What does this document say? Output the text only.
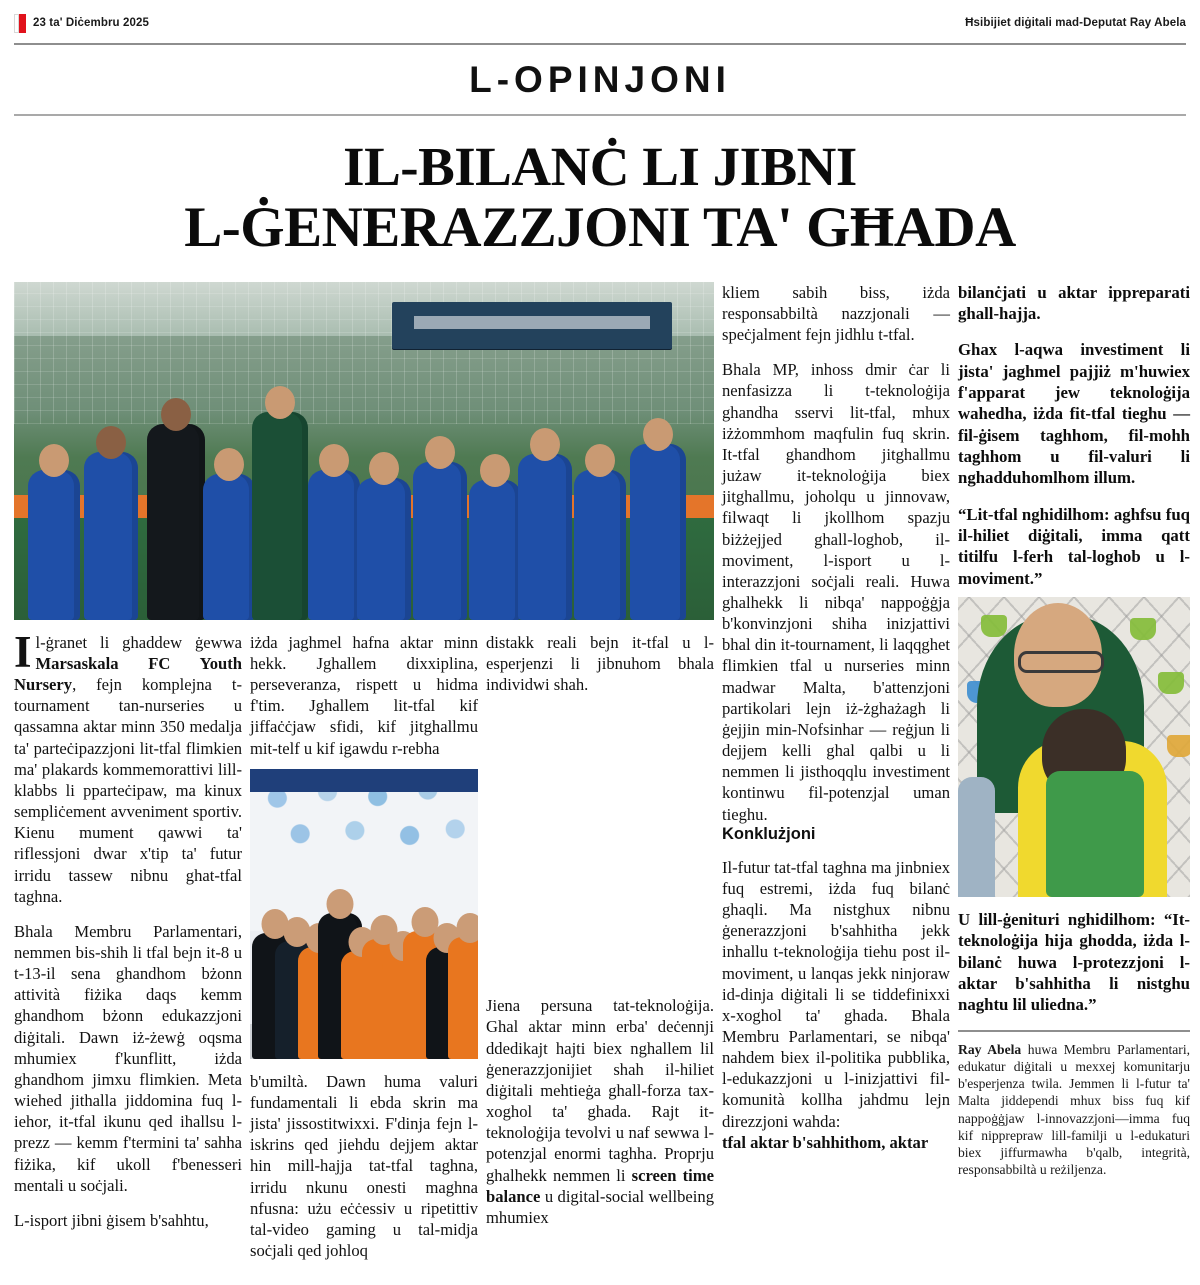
23 ta' Diċembru 2025	Ħsibijiet diġitali mad-Deputat Ray Abela
L-OPINJONI
IL-BILANĊ LI JIBNI
L-ĠENERAZZJONI TA' GĦADA

Il-ġranet li ghaddew ġewwa Marsaskala FC Youth Nursery, fejn komplejna t-tournament tan-nurseries u qassamna aktar minn 350 medalja ta' parteċipazzjoni lit-tfal flimkien ma' plakards kommemorattivi lill-klabbs li pparteċipaw, ma kinux sempliċement avveniment sportiv. Kienu mument qawwi ta' riflessjoni dwar x'tip ta' futur irridu tassew nibnu ghat-tfal taghna.

Bhala Membru Parlamentari, nemmen bis-shih li tfal bejn it-8 u t-13-il sena ghandhom bżonn attività fiżika daqs kemm ghandhom bżonn edukazzjoni diġitali. Dawn iż-żewġ oqsma mhumiex f'kunflitt, iżda ghandhom jimxu flimkien. Meta wiehed jithalla jiddomina fuq l-iehor, it-tfal ikunu qed ihallsu l-prezz — kemm f'termini ta' sahha fiżika, kif ukoll f'benesseri mentali u soċjali.

L-isport jibni ġisem b'sahhtu,

iżda jaghmel hafna aktar minn hekk. Jghallem dixxiplina, perseveranza, rispett u hidma f'tim. Jghallem lit-tfal kif jiffaċċjaw sfidi, kif jitghallmu mit-telf u kif igawdu r-rebha

b'umiltà. Dawn huma valuri fundamentali li ebda skrin ma jista' jissostitwixxi. F'dinja fejn l-iskrins qed jiehdu dejjem aktar hin mill-hajja tat-tfal taghna, irridu nkunu onesti maghna nfusna: użu eċċessiv u ripetittiv tal-video gaming u tal-midja soċjali qed johloq

distakk reali bejn it-tfal u l-esperjenzi li jibnuhom bhala individwi shah.

Jiena persuna tat-teknoloġija. Ghal aktar minn erba' deċennji ddedikajt hajti biex nghallem lil ġenerazzjonijiet shah il-hiliet diġitali mehtieġa ghall-forza tax-xoghol ta' ghada. Rajt it-teknoloġija tevolvi u naf sewwa l-potenzjal enormi taghha. Proprju ghalhekk nemmen li screen time balance u digital-social wellbeing mhumiex

kliem sabih biss, iżda responsabbiltà nazzjonali — speċjalment fejn jidhlu t-tfal.

Bhala MP, inhoss dmir ċar li nenfasizza li t-teknoloġija ghandha sservi lit-tfal, mhux iżżommhom maqfulin fuq skrin. It-tfal ghandhom jitghallmu jużaw it-teknoloġija biex jitghallmu, joholqu u jinnovaw, filwaqt li jkollhom spazju biżżejjed ghall-loghob, il-moviment, l-isport u l-interazzjoni soċjali reali. Huwa ghalhekk li nibqa' nappoġġja b'konvinzjoni shiha inizjattivi bhal din it-tournament, li laqqghet flimkien tfal u nurseries minn madwar Malta, b'attenzjoni partikolari lejn iż-żghażagh li ġejjin min-Nofsinhar — reġjun li dejjem kelli ghal qalbi u li nemmen li jisthoqqlu investiment kontinwu fil-potenzjal uman tieghu.

Konklużjoni

Il-futur tat-tfal taghna ma jinbniex fuq estremi, iżda fuq bilanċ ghaqli. Ma nistghux nibnu ġenerazzjoni b'sahhitha jekk inhallu t-teknoloġija tiehu post il-moviment, u lanqas jekk ninjoraw id-dinja diġitali li se tiddefinixxi x-xoghol ta' ghada. Bhala Membru Parlamentari, se nibqa' nahdem biex il-politika pubblika, l-edukazzjoni u l-inizjattivi fil-komunità kollha jahdmu lejn direzzjoni wahda:

tfal aktar b'sahhithom, aktar

bilanċjati u aktar ippreparati ghall-hajja.

Ghax l-aqwa investiment li jista' jaghmel pajjiż m'huwiex f'apparat jew teknoloġija wahedha, iżda fit-tfal tieghu — fil-ġisem taghhom, fil-mohh taghhom u fil-valuri li nghadduhomlhom illum.

“Lit-tfal nghidilhom: aghfsu fuq il-hiliet diġitali, imma qatt titilfu l-ferh tal-loghob u l-moviment.”

U lill-ġenituri nghidilhom: “It-teknoloġija hija ghodda, iżda l-bilanċ huwa l-protezzjoni l-aktar b'sahhitha li nistghu naghtu lil uliedna.”

Ray Abela huwa Membru Parlamentari, edukatur diġitali u mexxej komunitarju b'esperjenza twila. Jemmen li l-futur ta' Malta jiddependi mhux biss fuq kif nappoġġjaw l-innovazzjoni—imma fuq kif nipprepraw lill-familji u l-edukaturi biex jiffurmawha b'qalb, integrità, responsabbiltà u reżiljenza.
